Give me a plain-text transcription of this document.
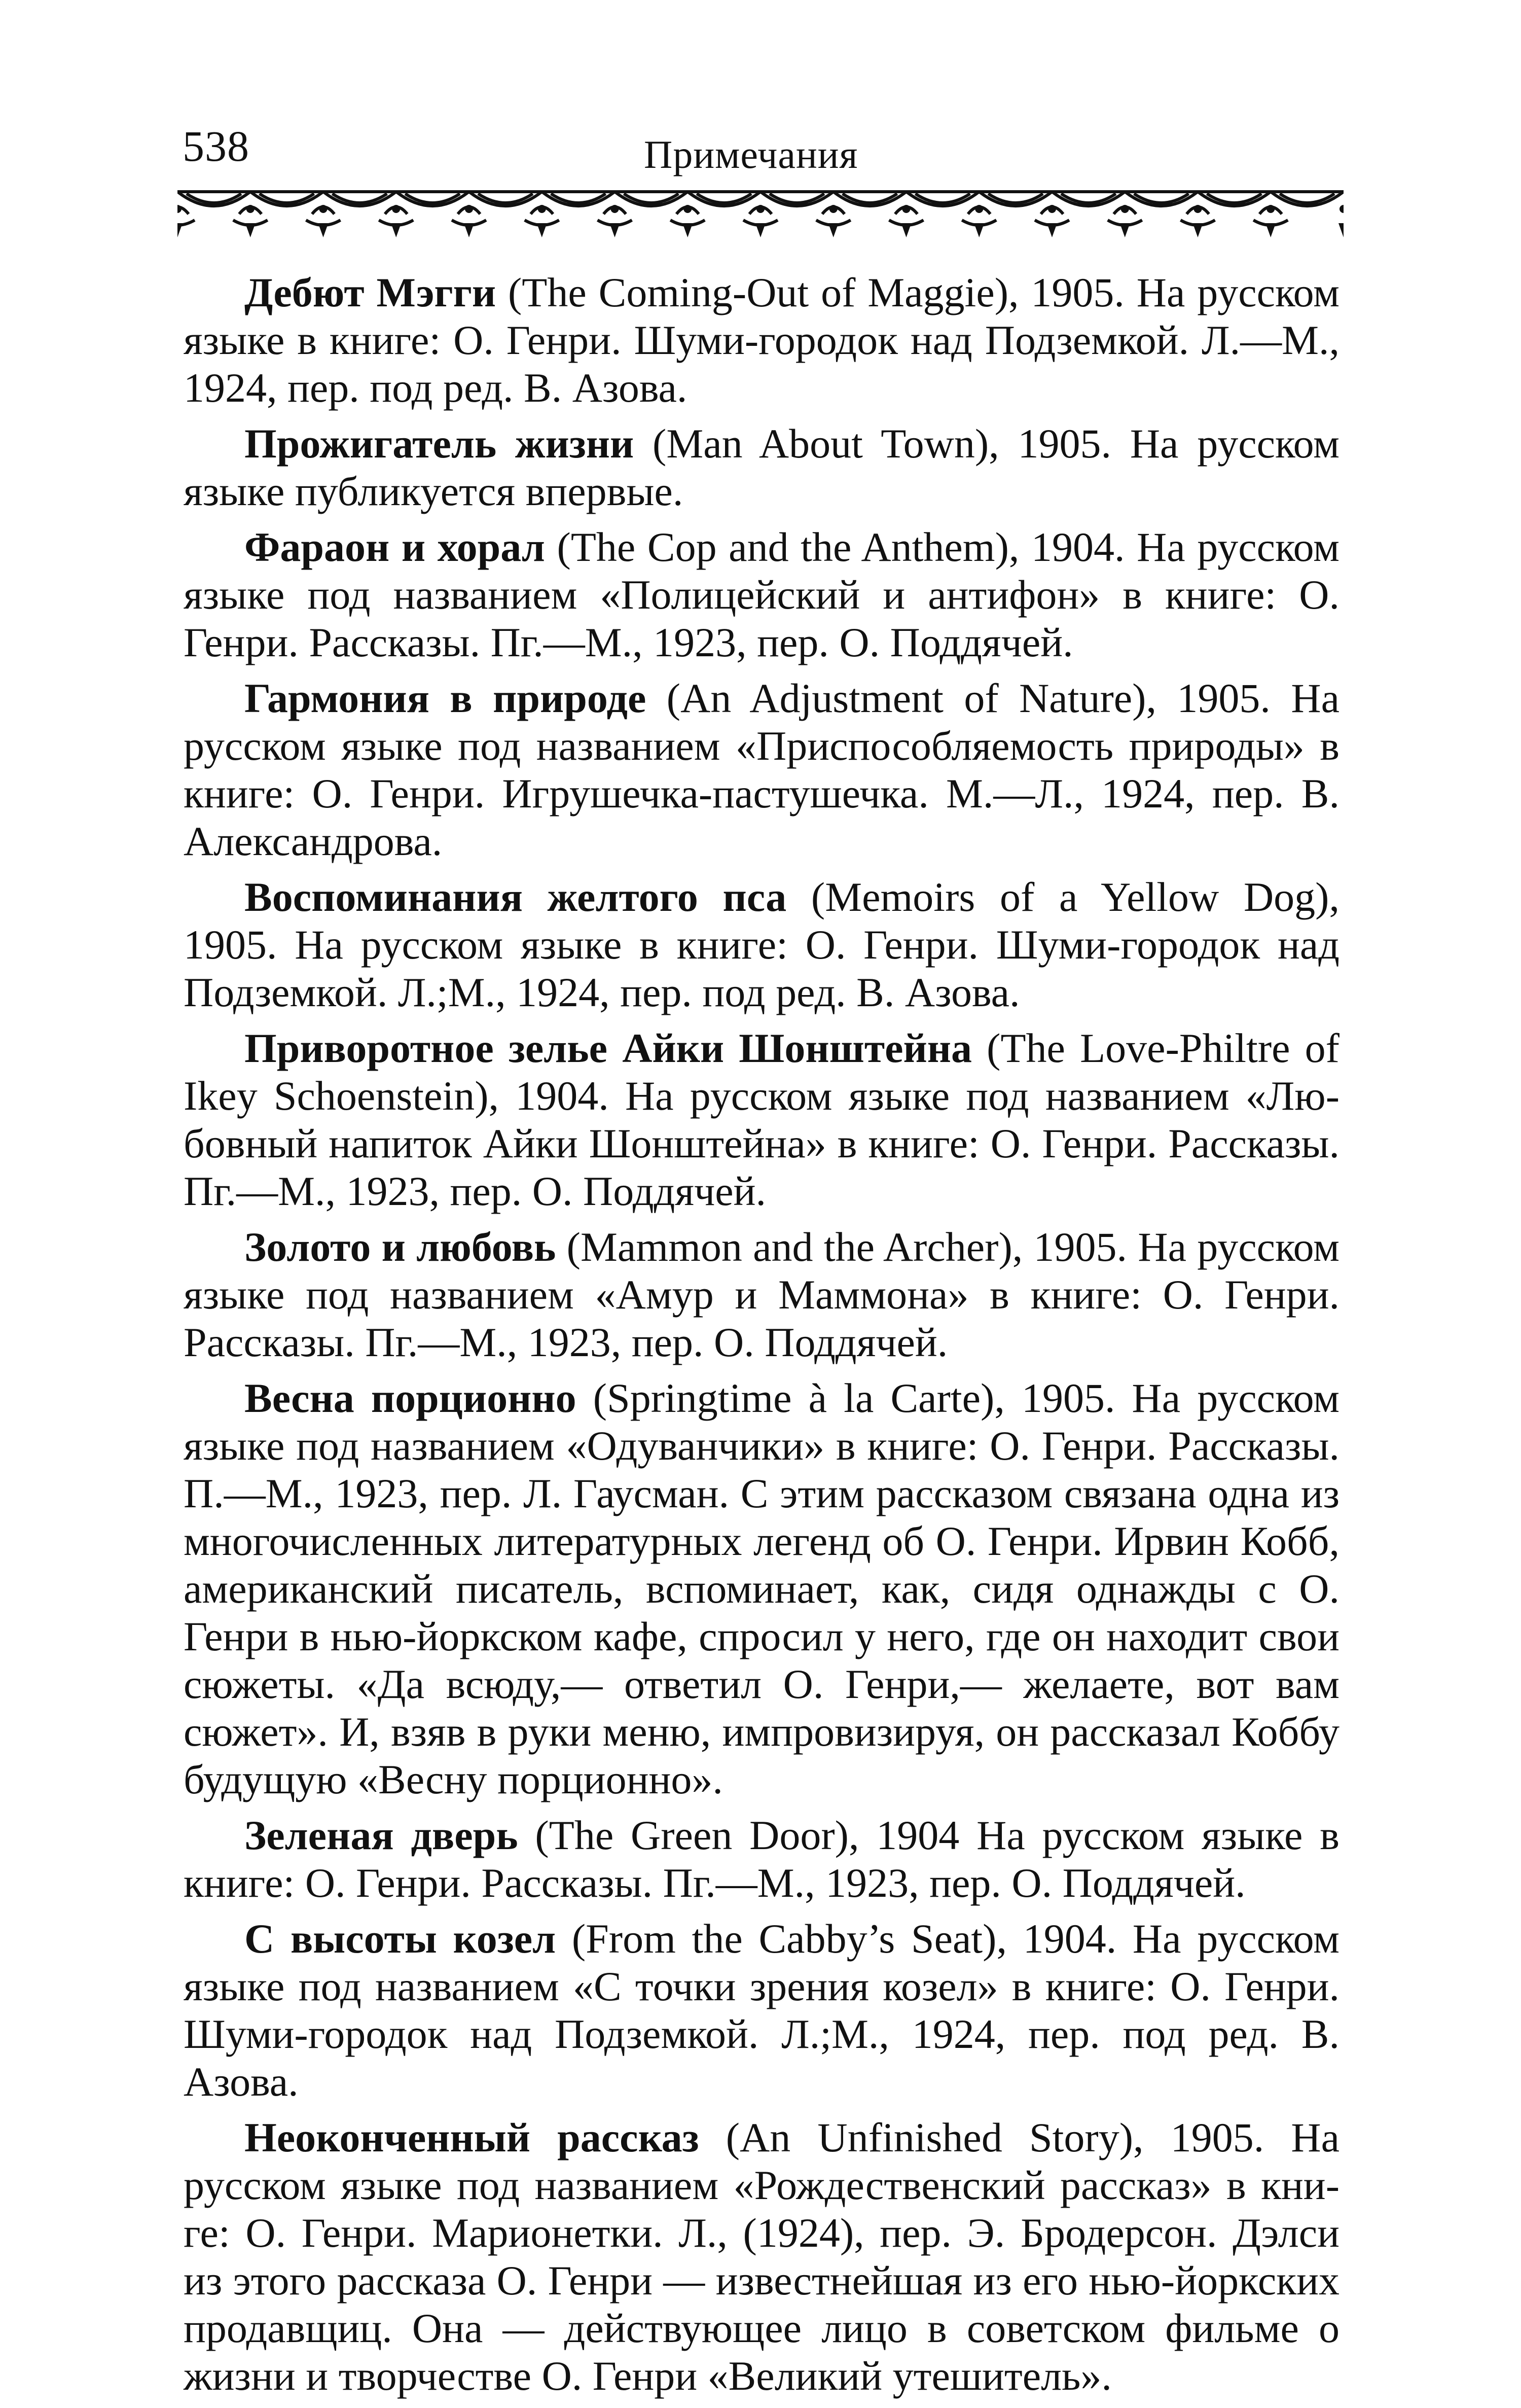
538	Примечания

Дебют Мэгги (The Coming-Out of Maggie), 1905. На русском языке в книге: О. Генри. Шуми-городок над Подземкой. Л.—М., 1924, пер. под ред. В. Азова.

Прожигатель жизни (Man About Town), 1905. На русском языке публикуется впервые.

Фараон и хорал (The Cop and the Anthem), 1904. На русском языке под названием «Полицейский и антифон» в книге: О. Генри. Рассказы. Пг.—М., 1923, пер. О. Поддячей.

Гармония в природе (An Adjustment of Nature), 1905. На русском языке под названием «Приспособляемость природы» в книге: О. Генри. Игрушечка-пастушечка. М.—Л., 1924, пер. В. Александрова.

Воспоминания желтого пса (Memoirs of a Yellow Dog), 1905. На русском языке в книге: О. Генри. Шуми-городок над Подземкой. Л.;М., 1924, пер. под ред. В. Азова.

Приворотное зелье Айки Шонштейна (The Love-Philtre of Ikey Schoenstein), 1904. На русском языке под названием «Любовный напиток Айки Шонштейна» в книге: О. Генри. Рассказы. Пг.—М., 1923, пер. О. Поддячей.

Золото и любовь (Mammon and the Archer), 1905. На русском языке под названием «Амур и Маммона» в книге: О. Генри. Рассказы. Пг.—М., 1923, пер. О. Поддячей.

Весна порционно (Springtime à la Carte), 1905. На русском языке под названием «Одуванчики» в книге: О. Генри. Рассказы. П.—М., 1923, пер. Л. Гаусман. С этим рассказом связана одна из многочисленных литературных легенд об О. Генри. Ирвин Кобб, американский писатель, вспоминает, как, сидя однажды с О. Генри в нью-йоркском кафе, спросил у него, где он находит свои сюжеты. «Да всюду,— ответил О. Генри,— желаете, вот вам сюжет». И, взяв в руки меню, импровизируя, он рассказал Коббу будущую «Весну порционно».

Зеленая дверь (The Green Door), 1904 На русском языке в книге: О. Генри. Рассказы. Пг.—М., 1923, пер. О. Поддячей.

С высоты козел (From the Cabby’s Seat), 1904. На русском языке под названием «С точки зрения козел» в книге: О. Генри. Шуми-городок над Подземкой. Л.;М., 1924, пер. под ред. В. Азова.

Неоконченный рассказ (An Unfinished Story), 1905. На русском языке под названием «Рождественский рассказ» в книге: О. Генри. Марионетки. Л., (1924), пер. Э. Бродерсон. Дэлси из этого рассказа О. Генри — известнейшая из его нью-йоркских продавщиц. Она — действующее лицо в советском фильме о жизни и творчестве О. Генри «Великий утешитель».
